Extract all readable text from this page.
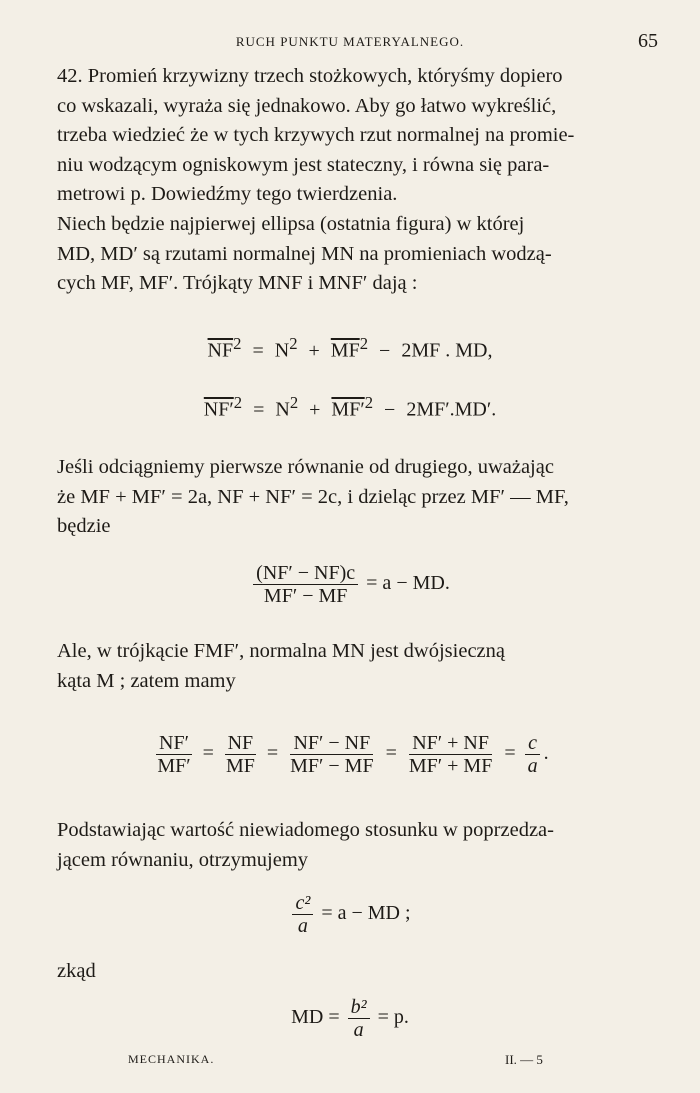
RUCH PUNKTU MATERYALNEGO.	65
42. Promień krzywizny trzech stożkowych, któryśmy dopiero
co wskazali, wyraża się jednakowo. Aby go łatwo wykreślić,
trzeba wiedzieć że w tych krzywych rzut normalnej na promie-
niu wodzącym ogniskowym jest stateczny, i równa się para-
metrowi p. Dowiedźmy tego twierdzenia.
Niech będzie najpierwej ellipsa (ostatnia figura) w której
MD, MD′ są rzutami normalnej MN na promieniach wodzą-
cych MF, MF′. Trójkąty MNF i MNF′ dają :
$\overline{NF}^2 = N^2 + \overline{MF}^2 - 2MF$ . MD,
$NF'^2 = N^2 + MF'^2 - 2MF'.MD'$.
Jeśli odciągniemy pierwsze równanie od drugiego, uważając
że MF + MF′ = 2a, NF + NF′ = 2c, i dzieląc przez MF′ — MF,
będzie
$\frac{(NF' - NF)c}{MF' - MF} = a$ − MD.
Ale, w trójkącie FMF′, normalna MN jest dwójsieczną
kąta M ; zatem mamy
$\frac{NF'}{MF'} = \frac{NF}{MF} = \frac{NF' - NF}{MF' - MF} = \frac{NF' + NF}{MF' + MF} = \frac{c}{a}$ .
Podstawiając wartość niewiadomego stosunku w poprzedza-
jącem równaniu, otrzymujemy
$\frac{\text{c²}}{a} = a$ − MD ;
zkąd
MD = $\frac{\text{b²}}{a} = p$.
MECHANIKA.	II. — 5
